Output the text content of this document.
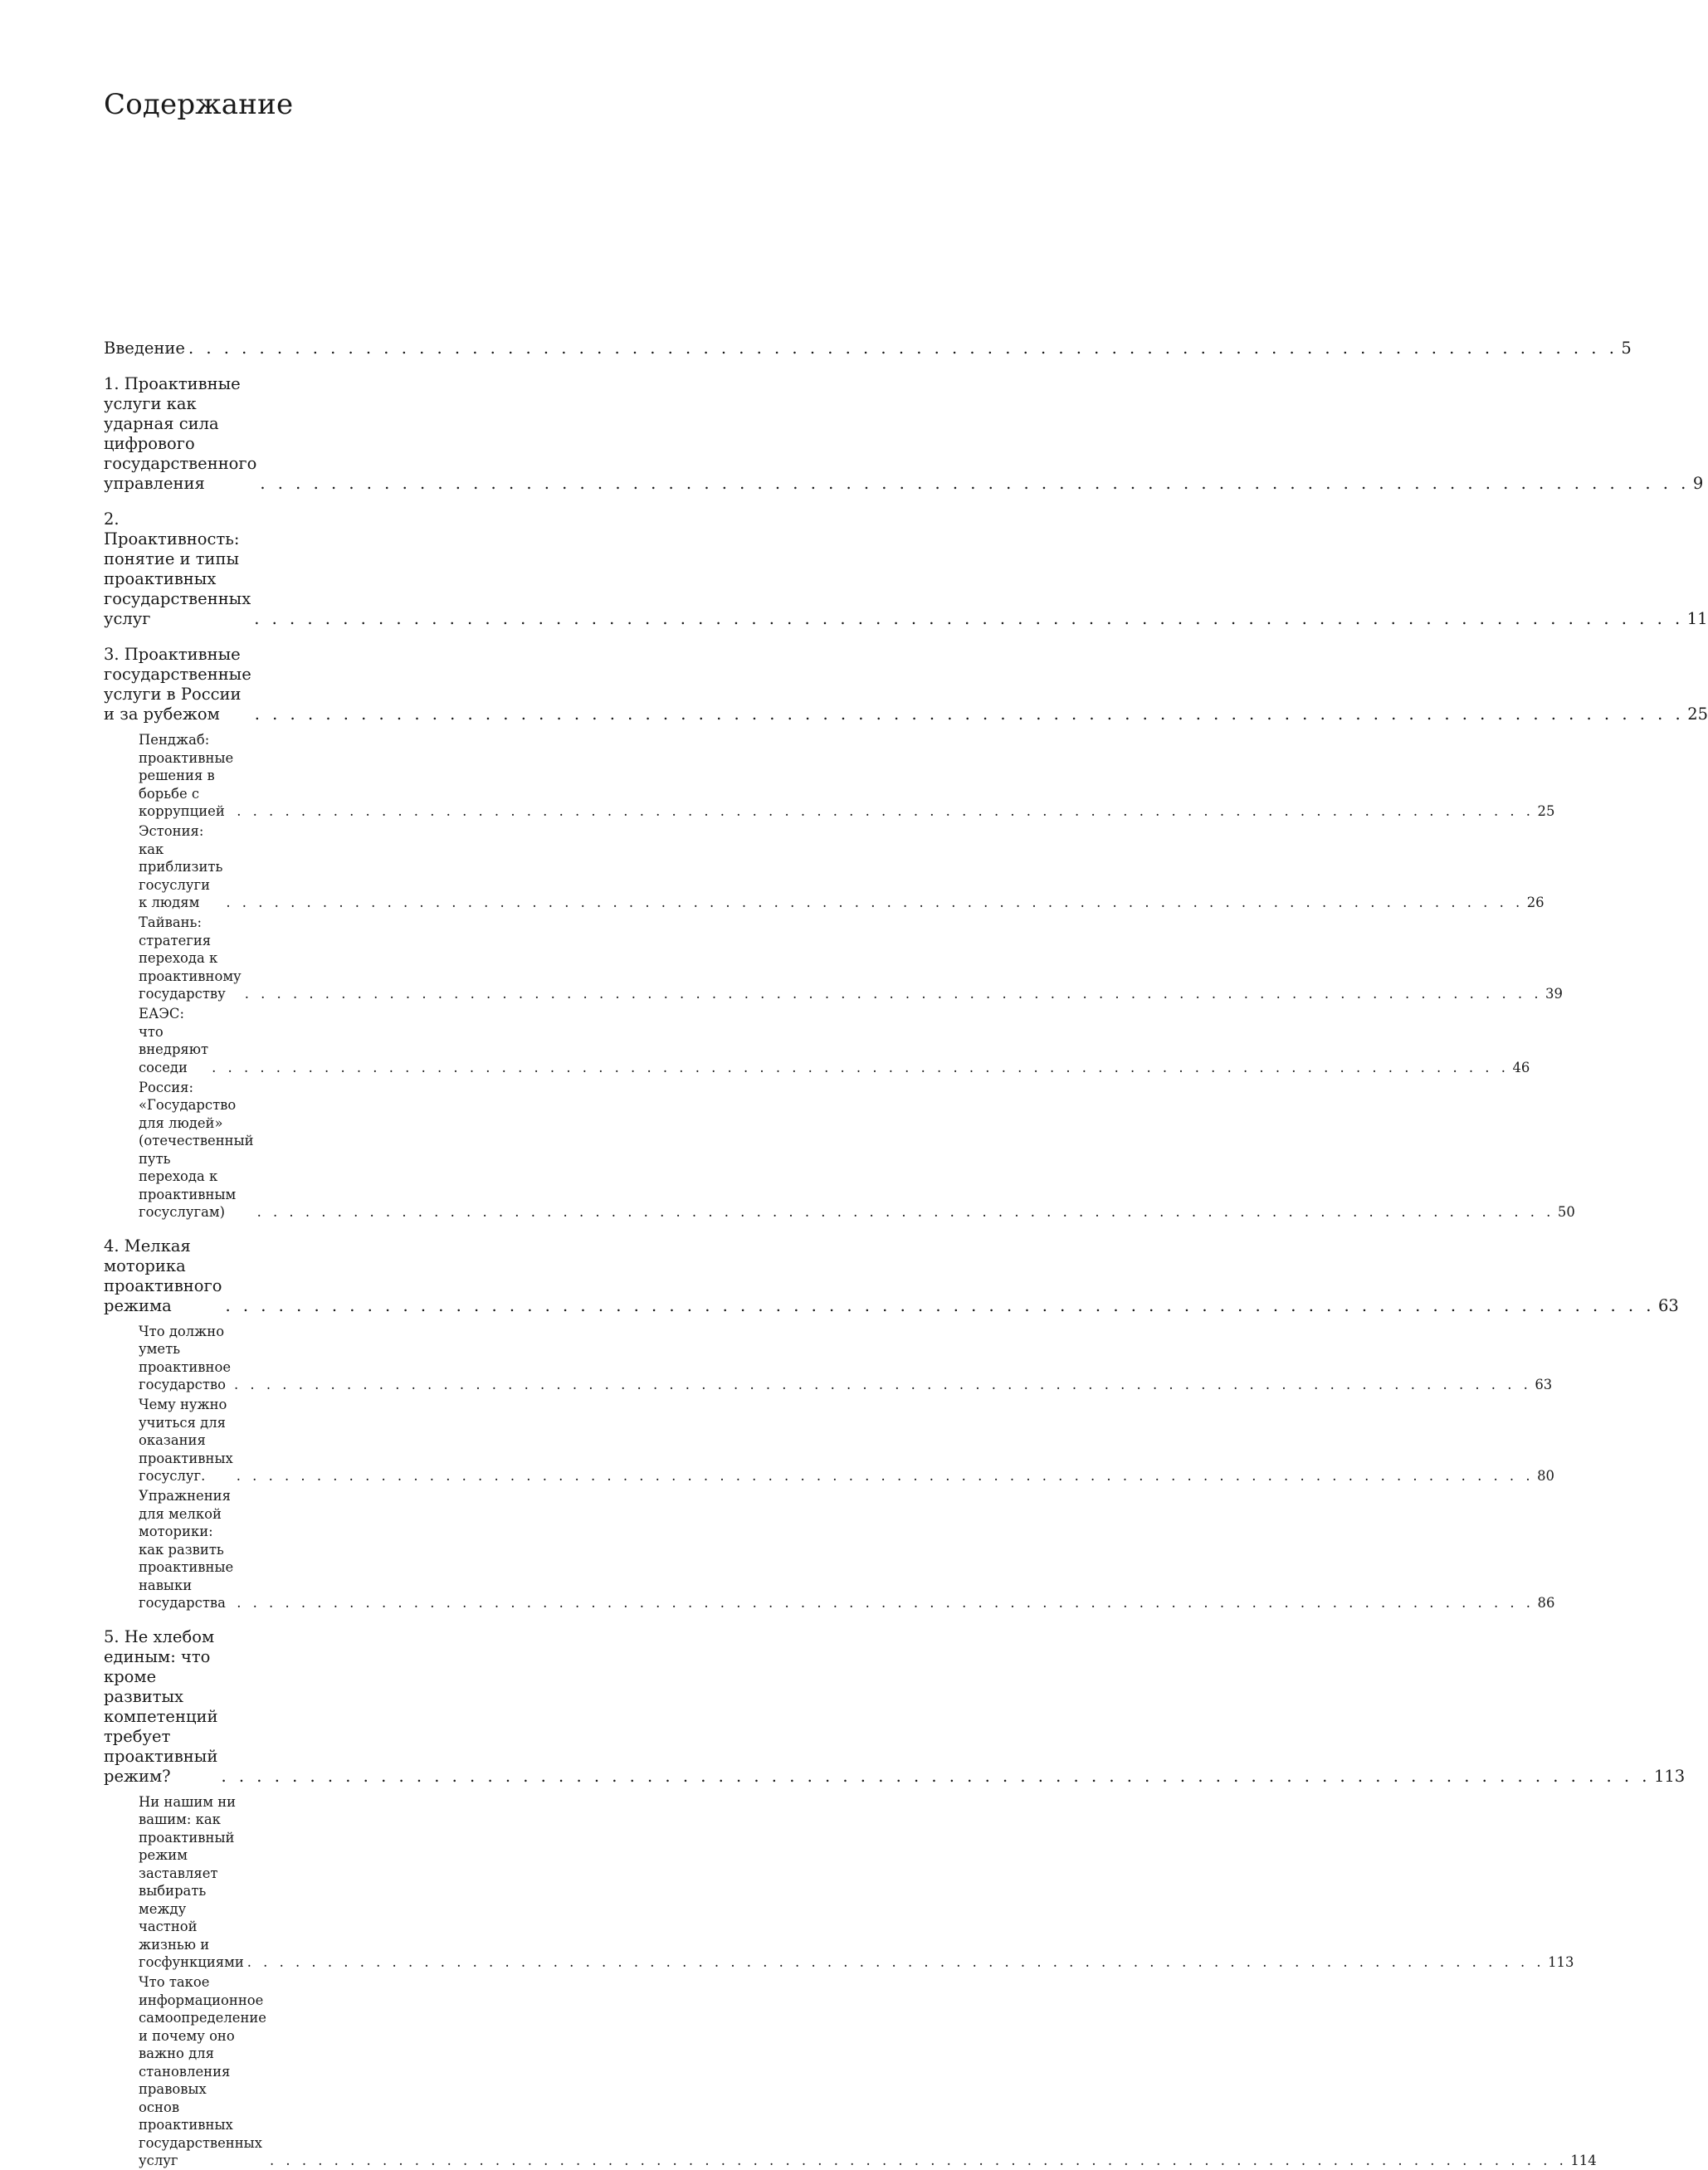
Содержание
Введение . . . . . . . . . . . . . . . . . . . . . . . . . . . . . . . . . . . . . . . . . . . . . . . . . . . . . . . . . . . . . . . . . . . . . . . . . . . . . . . . . 5
1. Проактивные услуги как ударная сила цифрового
государственного управления	. . . . . . . . . . . . . . . . . . . . . . . . . . . . . . . . . . . . . . . . . . . . . . . . . . . . . . . . . . . . . . . . . . . . . . . . . . . . . . . . . 9
2. Проактивность: понятие и типы проактивных
государственных услуг	. . . . . . . . . . . . . . . . . . . . . . . . . . . . . . . . . . . . . . . . . . . . . . . . . . . . . . . . . . . . . . . . . . . . . . . . . . . . . . . . . 11
3. Проактивные государственные услуги в России
и за рубежом	. . . . . . . . . . . . . . . . . . . . . . . . . . . . . . . . . . . . . . . . . . . . . . . . . . . . . . . . . . . . . . . . . . . . . . . . . . . . . . . . . 25
Пенджаб: проактивные решения в борьбе с коррупцией . . . . . . . . . . . . . . . . . . . . . . . . . . . . . . . . . . . . . . . . . . . . . . . . . . . . . . . . . . . . . . . . . . . . . . . . . . . . . . . . . 25
Эстония: как приблизить госуслуги к людям	. . . . . . . . . . . . . . . . . . . . . . . . . . . . . . . . . . . . . . . . . . . . . . . . . . . . . . . . . . . . . . . . . . . . . . . . . . . . . . . . . 26
Тайвань: стратегия перехода к проактивному государству	. . . . . . . . . . . . . . . . . . . . . . . . . . . . . . . . . . . . . . . . . . . . . . . . . . . . . . . . . . . . . . . . . . . . . . . . . . . . . . . . . 39
ЕАЭС: что внедряют соседи	. . . . . . . . . . . . . . . . . . . . . . . . . . . . . . . . . . . . . . . . . . . . . . . . . . . . . . . . . . . . . . . . . . . . . . . . . . . . . . . . . 46
Россия: «Государство для людей» (отечественный путь
перехода к проактивным госуслугам)	. . . . . . . . . . . . . . . . . . . . . . . . . . . . . . . . . . . . . . . . . . . . . . . . . . . . . . . . . . . . . . . . . . . . . . . . . . . . . . . . . 50
4. Мелкая моторика проактивного режима	. . . . . . . . . . . . . . . . . . . . . . . . . . . . . . . . . . . . . . . . . . . . . . . . . . . . . . . . . . . . . . . . . . . . . . . . . . . . . . . . . 63
Что должно уметь проактивное государство . . . . . . . . . . . . . . . . . . . . . . . . . . . . . . . . . . . . . . . . . . . . . . . . . . . . . . . . . . . . . . . . . . . . . . . . . . . . . . . . . 63
Чему нужно учиться для оказания проактивных госуслуг.	. . . . . . . . . . . . . . . . . . . . . . . . . . . . . . . . . . . . . . . . . . . . . . . . . . . . . . . . . . . . . . . . . . . . . . . . . . . . . . . . . 80
Упражнения для мелкой моторики:
как развить проактивные навыки государства . . . . . . . . . . . . . . . . . . . . . . . . . . . . . . . . . . . . . . . . . . . . . . . . . . . . . . . . . . . . . . . . . . . . . . . . . . . . . . . . . 86
5. Не хлебом единым: что кроме развитых
компетенций требует проактивный режим?	. . . . . . . . . . . . . . . . . . . . . . . . . . . . . . . . . . . . . . . . . . . . . . . . . . . . . . . . . . . . . . . . . . . . . . . . . . . . . . . . . 113
Ни нашим ни вашим: как проактивный режим заставляет
выбирать между частной жизнью и госфункциями . . . . . . . . . . . . . . . . . . . . . . . . . . . . . . . . . . . . . . . . . . . . . . . . . . . . . . . . . . . . . . . . . . . . . . . . . . . . . . . . . 113
Что такое информационное самоопределение
и почему оно важно для становления правовых
основ проактивных государственных услуг	. . . . . . . . . . . . . . . . . . . . . . . . . . . . . . . . . . . . . . . . . . . . . . . . . . . . . . . . . . . . . . . . . . . . . . . . . . . . . . . . . 114
